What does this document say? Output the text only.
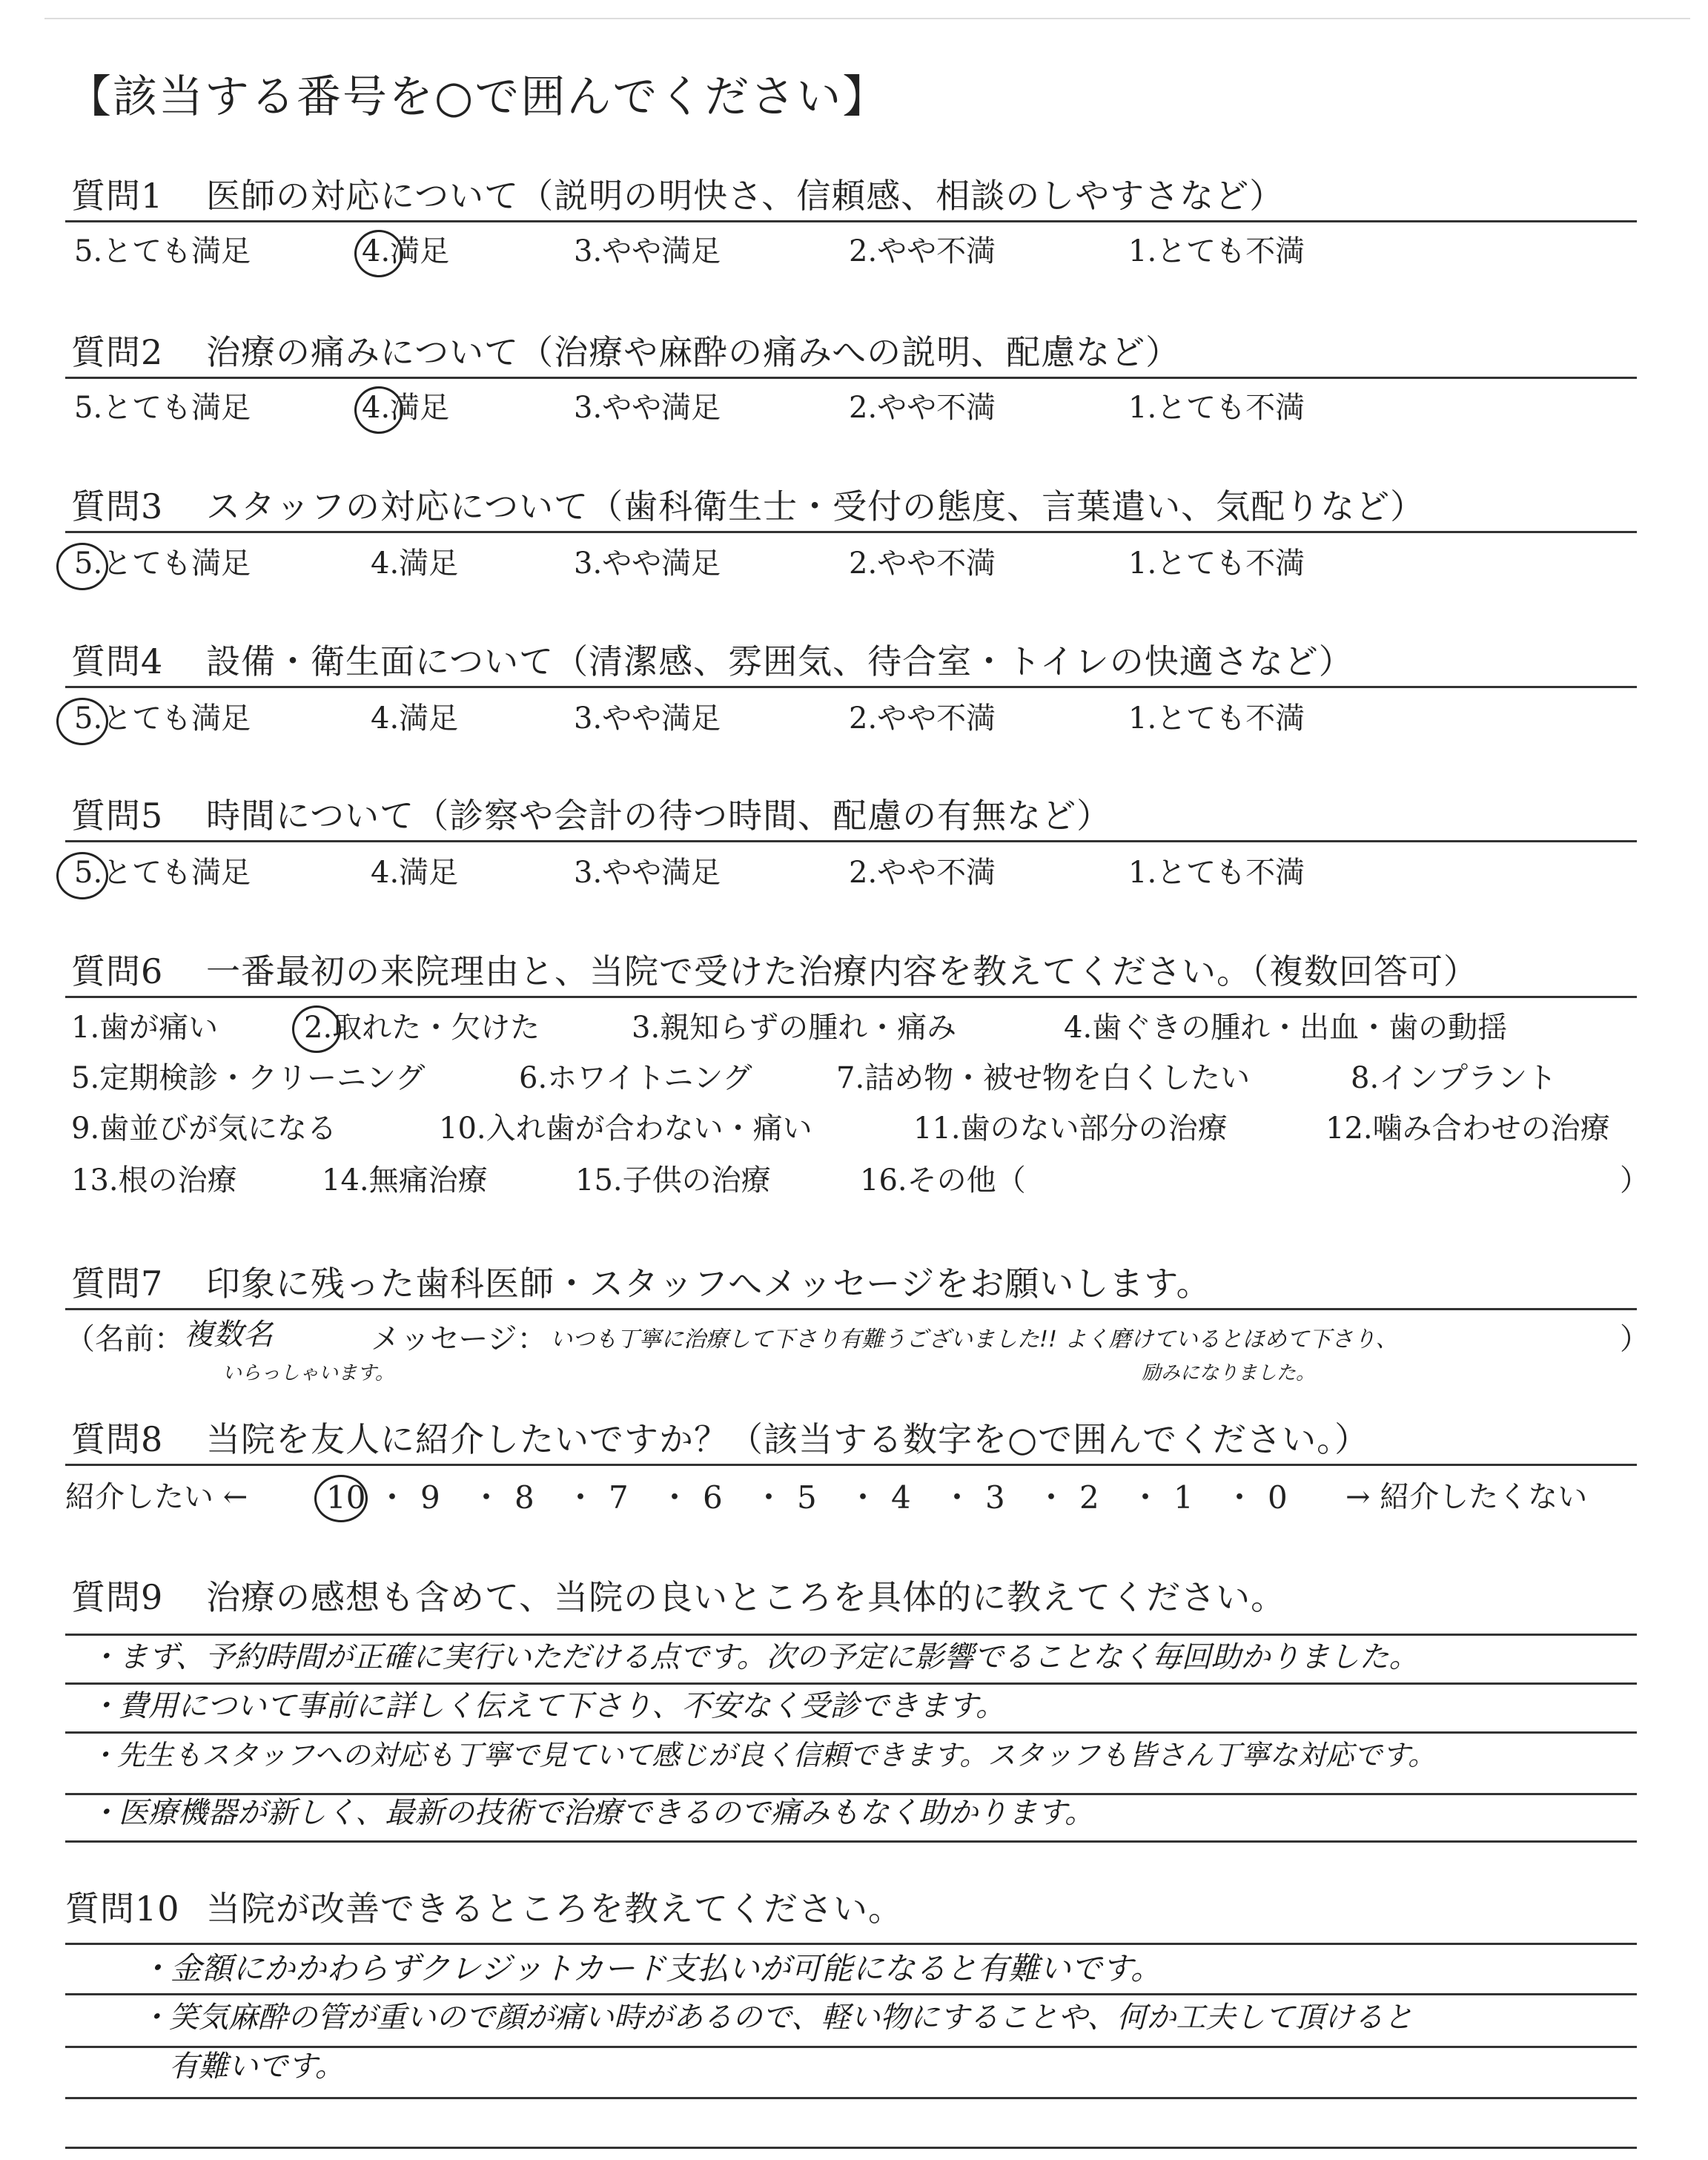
【該当する番号を○で囲んでください】
質問1 医師の対応について（説明の明快さ、信頼感、相談のしやすさなど）
5.とても満足	4.満足	3.やや満足	2.やや不満	1.とても不満
質問2 治療の痛みについて（治療や麻酔の痛みへの説明、配慮など）
5.とても満足	4.満足	3.やや満足	2.やや不満	1.とても不満
質問3 スタッフの対応について（歯科衛生士・受付の態度、言葉遣い、気配りなど）
5.とても満足	4.満足	3.やや満足	2.やや不満	1.とても不満
質問4 設備・衛生面について（清潔感、雰囲気、待合室・トイレの快適さなど）
5.とても満足	4.満足	3.やや満足	2.やや不満	1.とても不満
質問5 時間について（診察や会計の待つ時間、配慮の有無など）
5.とても満足	4.満足	3.やや満足	2.やや不満	1.とても不満
質問6 一番最初の来院理由と、当院で受けた治療内容を教えてください。（複数回答可）
1.歯が痛い	2.取れた・欠けた	3.親知らずの腫れ・痛み	4.歯ぐきの腫れ・出血・歯の動揺
5.定期検診・クリーニング	6.ホワイトニング	7.詰め物・被せ物を白くしたい	8.インプラント
9.歯並びが気になる	10.入れ歯が合わない・痛い	11.歯のない部分の治療	12.噛み合わせの治療
13.根の治療	14.無痛治療	15.子供の治療	16.その他（	）
質問7 印象に残った歯科医師・スタッフへメッセージをお願いします。
（名前： 複数名
いらっしゃいます。
メッセージ： いつも丁寧に治療して下さり有難うございました!! よく磨けているとほめて下さり、
励みになりました。
）
質問8 当院を友人に紹介したいですか？（該当する数字を○で囲んでください。）
紹介したい ←	10 ・ 9 ・ 8 ・ 7 ・ 6 ・ 5 ・ 4 ・ 3 ・ 2 ・ 1 ・ 0 → 紹介したくない
質問9 治療の感想も含めて、当院の良いところを具体的に教えてください。
・まず、予約時間が正確に実行いただける点です。次の予定に影響でることなく毎回助かりました。
・費用について事前に詳しく伝えて下さり、不安なく受診できます。
・先生もスタッフへの対応も丁寧で見ていて感じが良く信頼できます。スタッフも皆さん丁寧な対応です。
・医療機器が新しく、最新の技術で治療できるので痛みもなく助かります。
質問10 当院が改善できるところを教えてください。
・金額にかかわらずクレジットカード支払いが可能になると有難いです。
・笑気麻酔の管が重いので顔が痛い時があるので、軽い物にすることや、何か工夫して頂けると
有難いです。
